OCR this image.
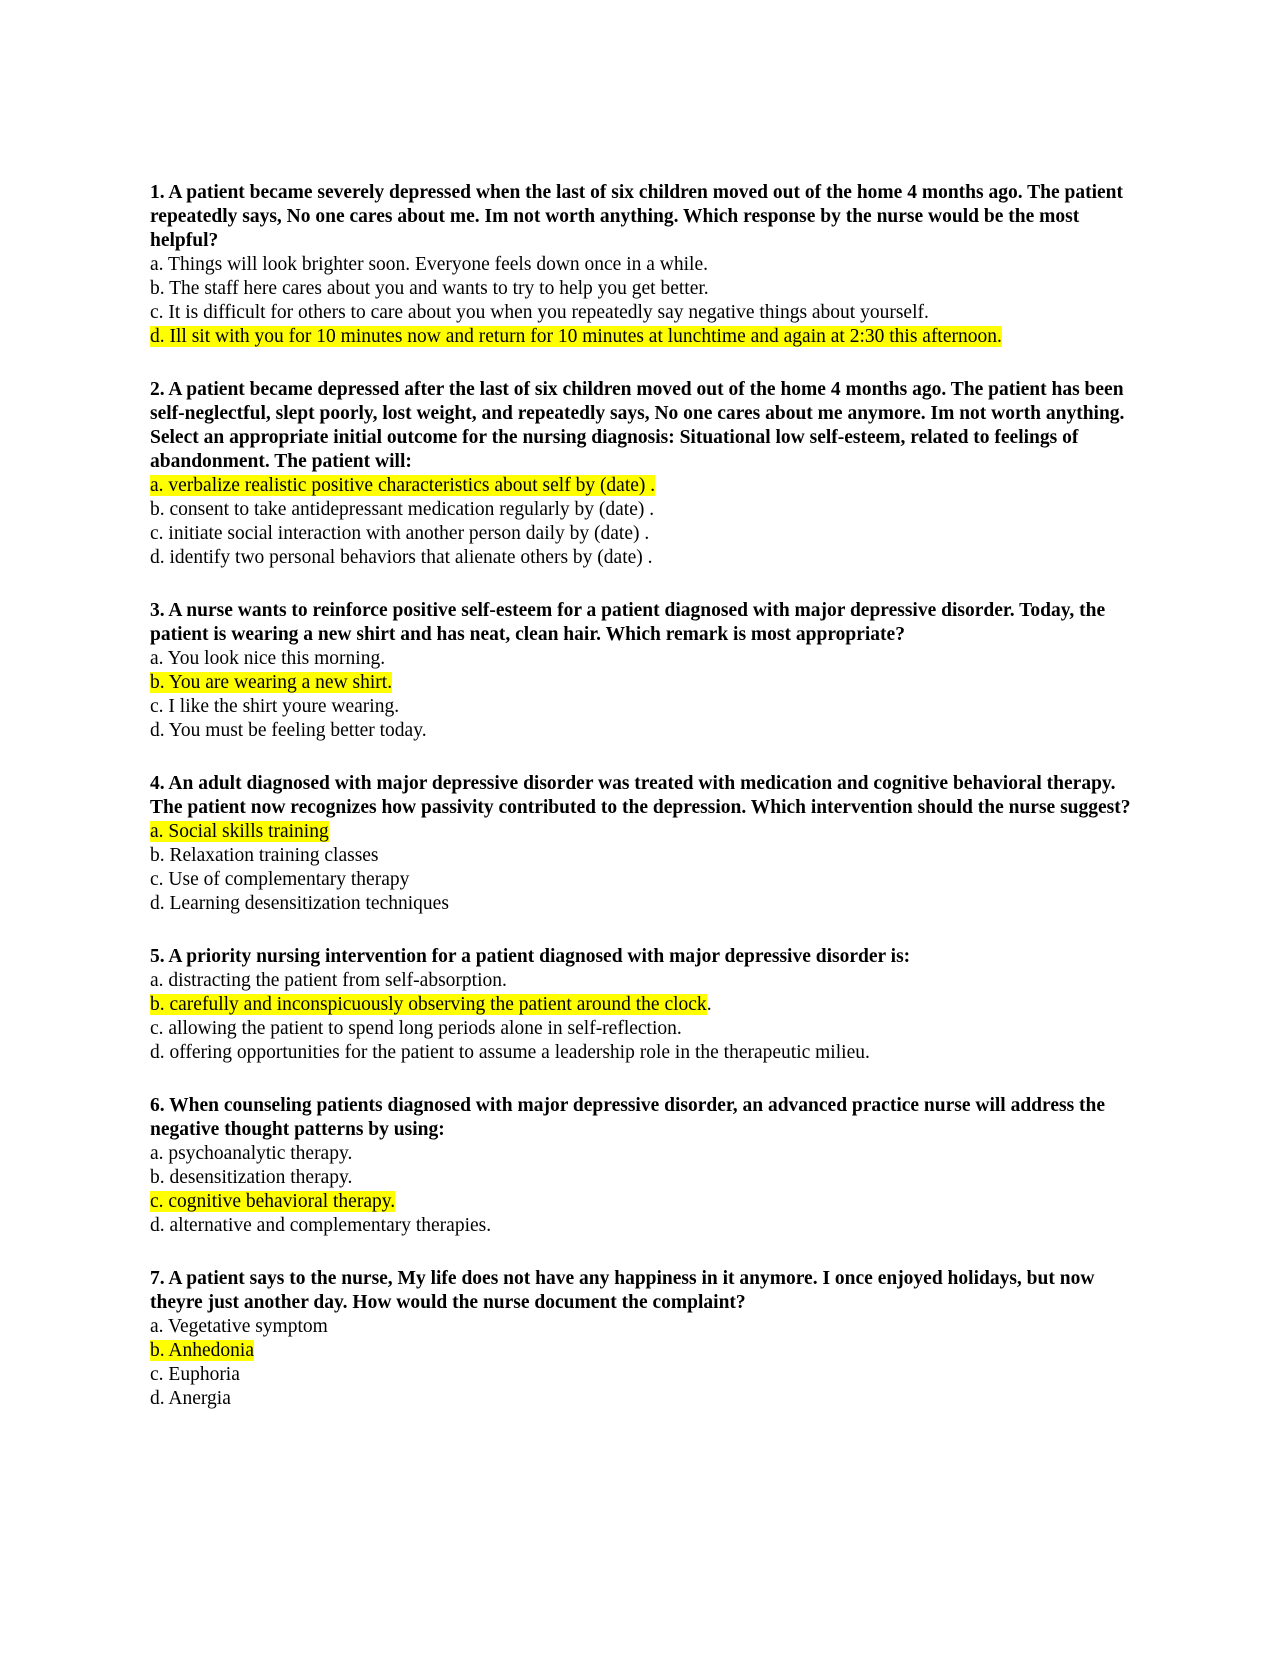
1. A patient became severely depressed when the last of six children moved out of the home 4 months ago. The patient repeatedly says, No one cares about me. Im not worth anything. Which response by the nurse would be the most helpful?

a. Things will look brighter soon. Everyone feels down once in a while.
b. The staff here cares about you and wants to try to help you get better.
c. It is difficult for others to care about you when you repeatedly say negative things about yourself.
d. Ill sit with you for 10 minutes now and return for 10 minutes at lunchtime and again at 2:30 this afternoon.

2. A patient became depressed after the last of six children moved out of the home 4 months ago. The patient has been self-neglectful, slept poorly, lost weight, and repeatedly says, No one cares about me anymore. Im not worth anything. Select an appropriate initial outcome for the nursing diagnosis: Situational low self-esteem, related to feelings of abandonment. The patient will:

a. verbalize realistic positive characteristics about self by (date) .
b. consent to take antidepressant medication regularly by (date) .
c. initiate social interaction with another person daily by (date) .
d. identify two personal behaviors that alienate others by (date) .

3. A nurse wants to reinforce positive self-esteem for a patient diagnosed with major depressive disorder. Today, the patient is wearing a new shirt and has neat, clean hair. Which remark is most appropriate?

a. You look nice this morning.
b. You are wearing a new shirt.
c. I like the shirt youre wearing.
d. You must be feeling better today.

4. An adult diagnosed with major depressive disorder was treated with medication and cognitive behavioral therapy. The patient now recognizes how passivity contributed to the depression. Which intervention should the nurse suggest?

a. Social skills training
b. Relaxation training classes
c. Use of complementary therapy
d. Learning desensitization techniques

5. A priority nursing intervention for a patient diagnosed with major depressive disorder is:

a. distracting the patient from self-absorption.
b. carefully and inconspicuously observing the patient around the clock.
c. allowing the patient to spend long periods alone in self-reflection.
d. offering opportunities for the patient to assume a leadership role in the therapeutic milieu.

6. When counseling patients diagnosed with major depressive disorder, an advanced practice nurse will address the negative thought patterns by using:

a. psychoanalytic therapy.
b. desensitization therapy.
c. cognitive behavioral therapy.
d. alternative and complementary therapies.

7. A patient says to the nurse, My life does not have any happiness in it anymore. I once enjoyed holidays, but now theyre just another day. How would the nurse document the complaint?

a. Vegetative symptom
b. Anhedonia
c. Euphoria
d. Anergia
